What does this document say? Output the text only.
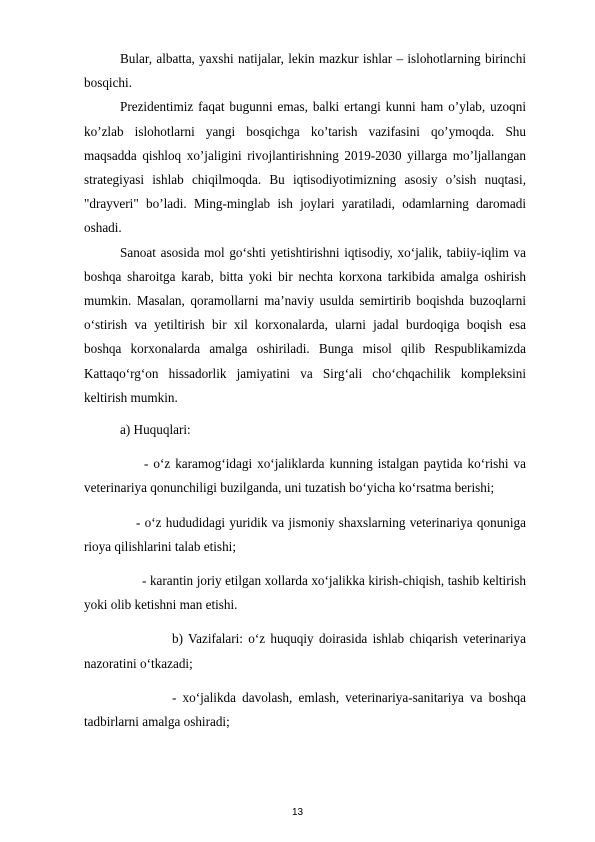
Bular, albatta, yaxshi natijalar, lekin mazkur ishlar – islohotlarning birinchi bosqichi.

Prezidentimiz faqat bugunni emas, balki ertangi kunni ham o’ylab, uzoqni ko’zlab islohotlarni yangi bosqichga ko’tarish vazifasini qo’ymoqda. Shu maqsadda qishloq xo’jaligini rivojlantirishning 2019-2030 yillarga mo’ljallangan strategiyasi ishlab chiqilmoqda. Bu iqtisodiyotimizning asosiy o’sish nuqtasi, "drayveri" bo’ladi. Ming-minglab ish joylari yaratiladi, odamlarning daromadi oshadi.

Sanoat asosida mol go‘shti yetishtirishni iqtisodiy, xo‘jalik, tabiiy-iqlim va boshqa sharoitga karab, bitta yoki bir nechta korxona tarkibida amalga oshirish mumkin. Masalan, qoramollarni ma’naviy usulda semirtirib boqishda buzoqlarni o‘stirish va yetiltirish bir xil korxonalarda, ularni jadal burdoqiga boqish esa boshqa korxonalarda amalga oshiriladi. Bunga misol qilib Respublikamizda Kattaqo‘rg‘on hissadorlik jamiyatini va Sirg‘ali cho‘chqachilik kompleksini keltirish mumkin.

a) Huquqlari:

- o‘z karamog‘idagi xo‘jaliklarda kunning istalgan paytida ko‘rishi va veterinariya qonunchiligi buzilganda, uni tuzatish bo‘yicha ko‘rsatma berishi;

- o‘z hududidagi yuridik va jismoniy shaxslarning veterinariya qonuniga rioya qilishlarini talab etishi;

- karantin joriy etilgan xollarda xo‘jalikka kirish-chiqish, tashib keltirish yoki olib ketishni man etishi.

b) Vazifalari: o‘z huquqiy doirasida ishlab chiqarish veterinariya nazoratini o‘tkazadi;

- xo‘jalikda davolash, emlash, veterinariya-sanitariya va boshqa tadbirlarni amalga oshiradi;

13
